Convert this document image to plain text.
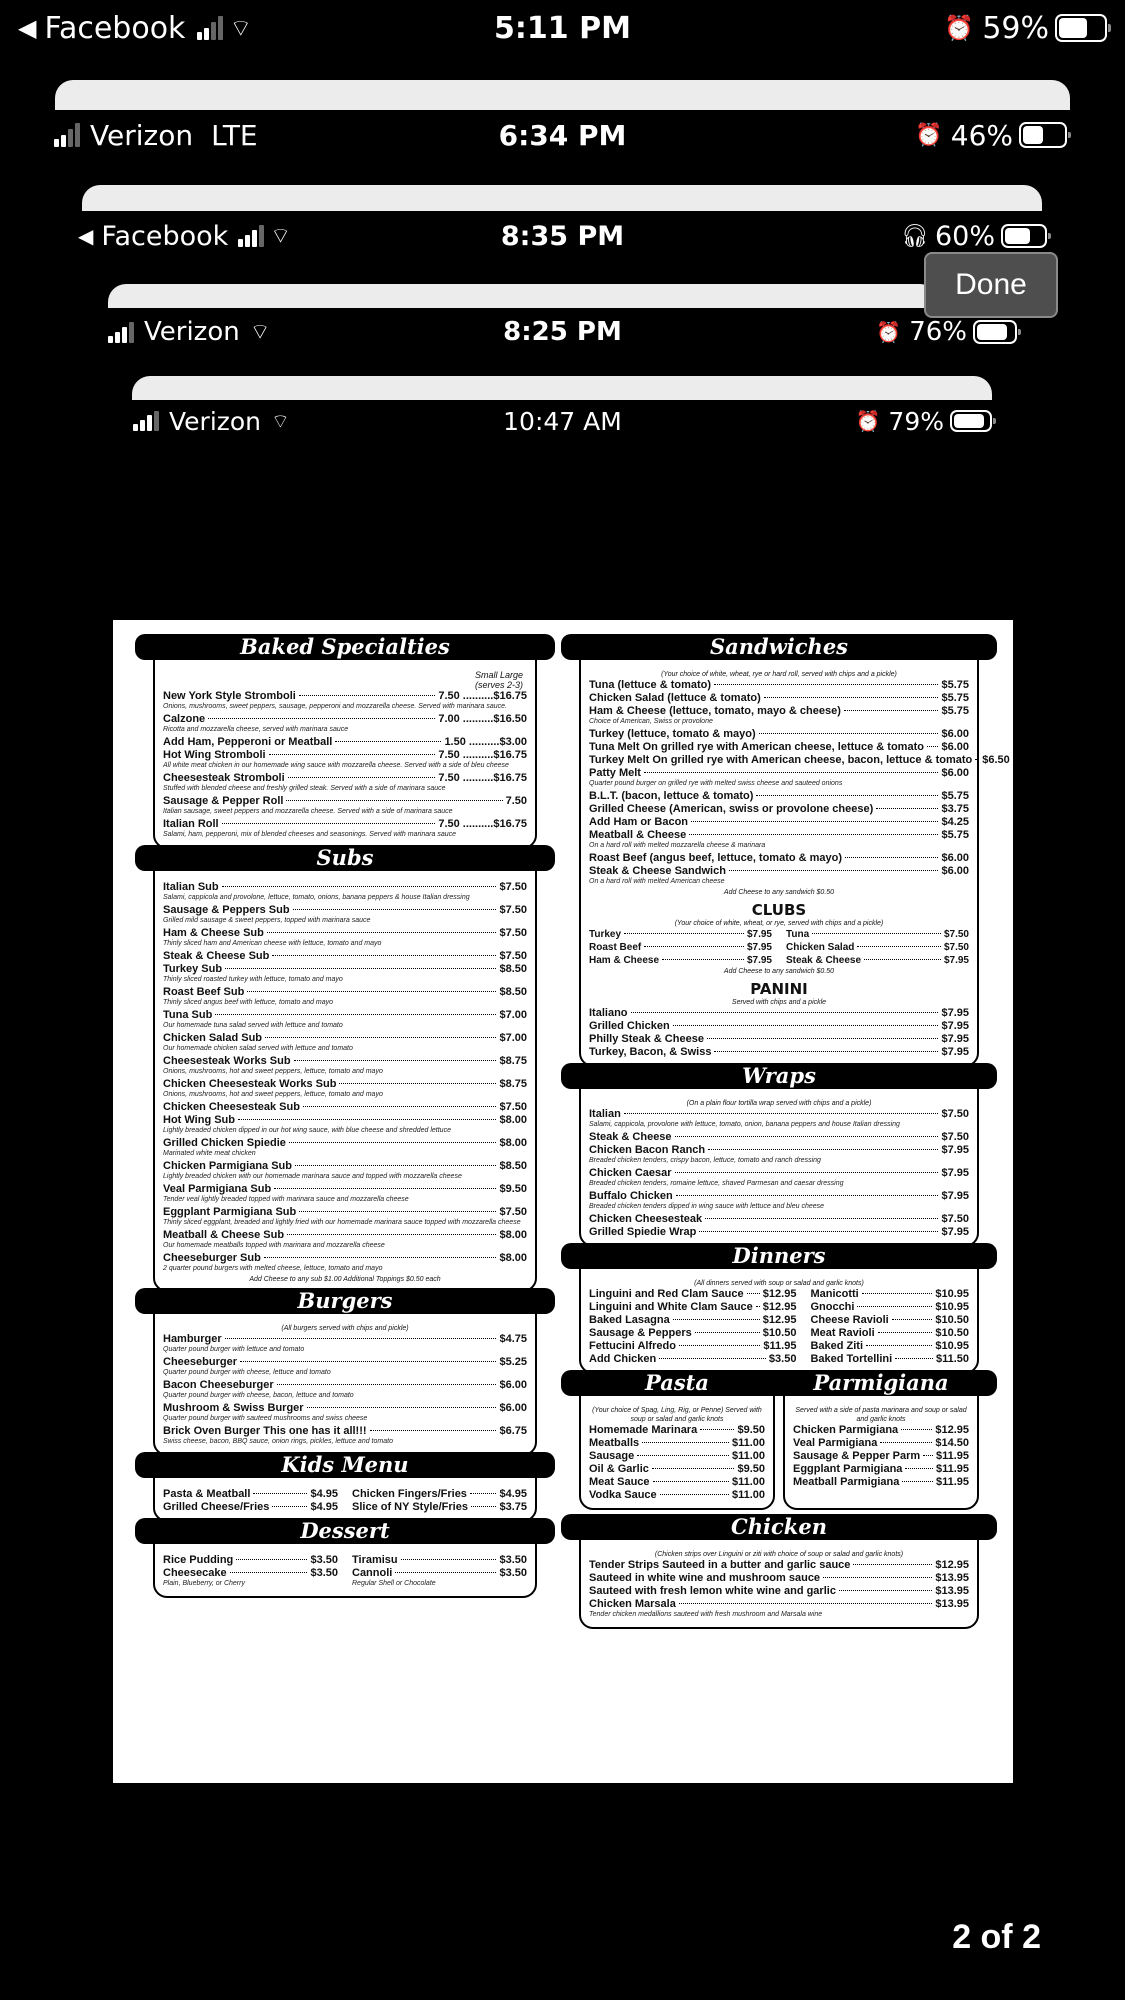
◀ Facebook ⌔	5:11 PM	⏰ 59%
Verizon LTE	6:34 PM	⏰ 46%
◀ Facebook ⌔	8:35 PM	🎧︎ 60%
Done
Verizon ⌔	8:25 PM	⏰ 76%
Verizon ⌔	10:47 AM	⏰ 79%
Baked Specialties
Small Large
(serves 2-3)
New York Style Stromboli	7.50 ..........$16.75
Onions, mushrooms, sweet peppers, sausage, pepperoni and mozzarella cheese. Served with marinara sauce.
Calzone	7.00 ..........$16.50
Ricotta and mozzarella cheese, served with marinara sauce
Add Ham, Pepperoni or Meatball	1.50 ..........$3.00
Hot Wing Stromboli	7.50 ..........$16.75
All white meat chicken in our homemade wing sauce with mozzarella cheese. Served with a side of bleu cheese
Cheesesteak Stromboli	7.50 ..........$16.75
Stuffed with blended cheese and freshly grilled steak. Served with a side of marinara sauce
Sausage & Pepper Roll	7.50
Italian sausage, sweet peppers and mozzarella cheese. Served with a side of marinara sauce
Italian Roll	7.50 ..........$16.75
Salami, ham, pepperoni, mix of blended cheeses and seasonings. Served with marinara sauce
Subs
Italian Sub	$7.50
Salami, cappicola and provolone, lettuce, tomato, onions, banana peppers & house Italian dressing
Sausage & Peppers Sub	$7.50
Grilled mild sausage & sweet peppers, topped with marinara sauce
Ham & Cheese Sub	$7.50
Thinly sliced ham and American cheese with lettuce, tomato and mayo
Steak & Cheese Sub	$7.50
Turkey Sub	$8.50
Thinly sliced roasted turkey with lettuce, tomato and mayo
Roast Beef Sub	$8.50
Thinly sliced angus beef with lettuce, tomato and mayo
Tuna Sub	$7.00
Our homemade tuna salad served with lettuce and tomato
Chicken Salad Sub	$7.00
Our homemade chicken salad served with lettuce and tomato
Cheesesteak Works Sub	$8.75
Onions, mushrooms, hot and sweet peppers, lettuce, tomato and mayo
Chicken Cheesesteak Works Sub	$8.75
Onions, mushrooms, hot and sweet peppers, lettuce, tomato and mayo
Chicken Cheesesteak Sub	$7.50
Hot Wing Sub	$8.00
Lightly breaded chicken dipped in our hot wing sauce, with blue cheese and shredded lettuce
Grilled Chicken Spiedie	$8.00
Marinated white meat chicken
Chicken Parmigiana Sub	$8.50
Lightly breaded chicken with our homemade marinara sauce and topped with mozzarella cheese
Veal Parmigiana Sub	$9.50
Tender veal lightly breaded topped with marinara sauce and mozzarella cheese
Eggplant Parmigiana Sub	$7.50
Thinly sliced eggplant, breaded and lightly fried with our homemade marinara sauce topped with mozzarella cheese
Meatball & Cheese Sub	$8.00
Our homemade meatballs topped with marinara and mozzarella cheese
Cheeseburger Sub	$8.00
2 quarter pound burgers with melted cheese, lettuce, tomato and mayo
Add Cheese to any sub $1.00 Additional Toppings $0.50 each
Burgers
(All burgers served with chips and pickle)
Hamburger	$4.75
Quarter pound burger with lettuce and tomato
Cheeseburger	$5.25
Quarter pound burger with cheese, lettuce and tomato
Bacon Cheeseburger	$6.00
Quarter pound burger with cheese, bacon, lettuce and tomato
Mushroom & Swiss Burger	$6.00
Quarter pound burger with sauteed mushrooms and swiss cheese
Brick Oven Burger This one has it all!!!	$6.75
Swiss cheese, bacon, BBQ sauce, onion rings, pickles, lettuce and tomato
Kids Menu
Pasta & Meatball	$4.95
Grilled Cheese/Fries	$4.95
Chicken Fingers/Fries	$4.95
Slice of NY Style/Fries	$3.75
Dessert
Rice Pudding	$3.50
Cheesecake	$3.50
Plain, Blueberry, or Cherry
Tiramisu	$3.50
Cannoli	$3.50
Regular Shell or Chocolate
Sandwiches
(Your choice of white, wheat, rye or hard roll, served with chips and a pickle)
Tuna (lettuce & tomato)	$5.75
Chicken Salad (lettuce & tomato)	$5.75
Ham & Cheese (lettuce, tomato, mayo & cheese)	$5.75
Choice of American, Swiss or provolone
Turkey (lettuce, tomato & mayo)	$6.00
Tuna Melt On grilled rye with American cheese, lettuce & tomato $6.00
Turkey Melt On grilled rye with American cheese, bacon, lettuce & tomato $6.50
Patty Melt	$6.00
Quarter pound burger on grilled rye with melted swiss cheese and sauteed onions
B.L.T. (bacon, lettuce & tomato)	$5.75
Grilled Cheese (American, swiss or provolone cheese)	$3.75
Add Ham or Bacon	$4.25
Meatball & Cheese	$5.75
On a hard roll with melted mozzarella cheese & marinara
Roast Beef (angus beef, lettuce, tomato & mayo)	$6.00
Steak & Cheese Sandwich	$6.00
On a hard roll with melted American cheese
Add Cheese to any sandwich $0.50
CLUBS
(Your choice of white, wheat, or rye, served with chips and a pickle)
Turkey	$7.95
Roast Beef	$7.95
Ham & Cheese	$7.95
Tuna	$7.50
Chicken Salad	$7.50
Steak & Cheese	$7.95
Add Cheese to any sandwich $0.50
PANINI
Served with chips and a pickle
Italiano	$7.95
Grilled Chicken	$7.95
Philly Steak & Cheese	$7.95
Turkey, Bacon, & Swiss	$7.95
Wraps
(On a plain flour tortilla wrap served with chips and a pickle)
Italian	$7.50
Salami, cappicola, provolone with lettuce, tomato, onion, banana peppers and house Italian dressing
Steak & Cheese	$7.50
Chicken Bacon Ranch	$7.95
Breaded chicken tenders, crispy bacon, lettuce, tomato and ranch dressing
Chicken Caesar	$7.95
Breaded chicken tenders, romaine lettuce, shaved Parmesan and caesar dressing
Buffalo Chicken	$7.95
Breaded chicken tenders dipped in wing sauce with lettuce and bleu cheese
Chicken Cheesesteak	$7.50
Grilled Spiedie Wrap	$7.95
Dinners
(All dinners served with soup or salad and garlic knots)
Linguini and Red Clam Sauce $12.95
Linguini and White Clam Sauce $12.95
Baked Lasagna	$12.95
Sausage & Peppers	$10.50
Fettucini Alfredo	$11.95
Add Chicken	$3.50
Manicotti	$10.95
Gnocchi	$10.95
Cheese Ravioli	$10.50
Meat Ravioli	$10.50
Baked Ziti	$10.95
Baked Tortellini	$11.50
Pasta
(Your choice of Spag, Ling, Rig, or Penne) Served with soup or salad and garlic knots
Homemade Marinara	$9.50
Meatballs	$11.00
Sausage	$11.00
Oil & Garlic	$9.50
Meat Sauce	$11.00
Vodka Sauce	$11.00
Parmigiana
Served with a side of pasta marinara and soup or salad and garlic knots
Chicken Parmigiana	$12.95
Veal Parmigiana	$14.50
Sausage & Pepper Parm $11.95
Eggplant Parmigiana	$11.95
Meatball Parmigiana	$11.95
Chicken
(Chicken strips over Linguini or ziti with choice of soup or salad and garlic knots)
Tender Strips Sauteed in a butter and garlic sauce	$12.95
Sauteed in white wine and mushroom sauce	$13.95
Sauteed with fresh lemon white wine and garlic	$13.95
Chicken Marsala	$13.95
Tender chicken medallions sauteed with fresh mushroom and Marsala wine
2 of 2
